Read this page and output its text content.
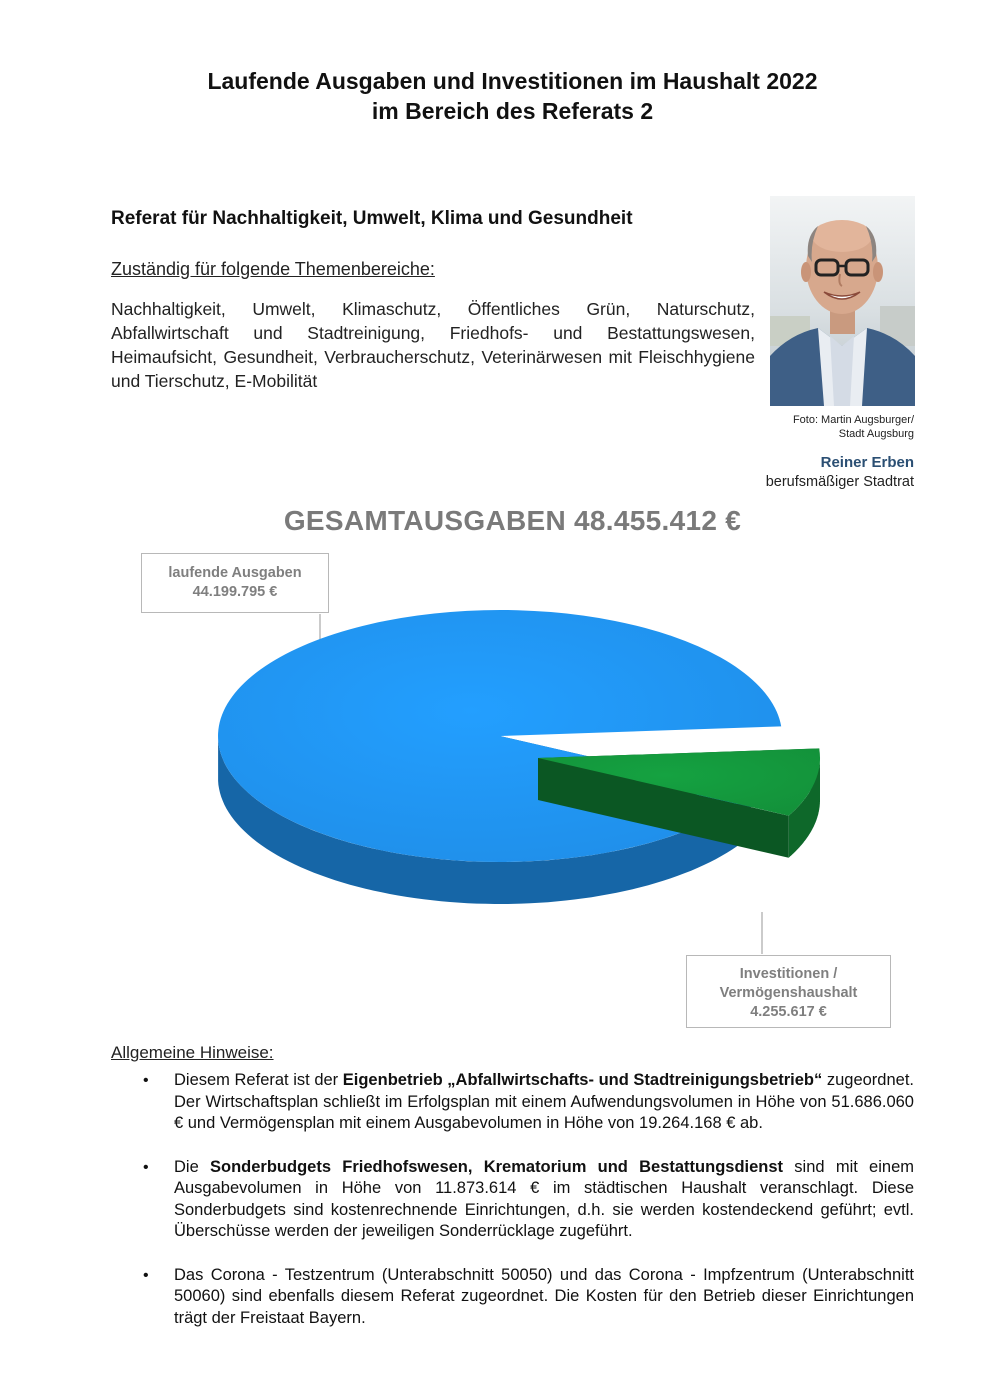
Laufende Ausgaben und Investitionen im Haushalt 2022
im Bereich des Referats 2
Referat für Nachhaltigkeit, Umwelt, Klima und Gesundheit
Zuständig für folgende Themenbereiche:
Nachhaltigkeit, Umwelt, Klimaschutz, Öffentliches Grün, Naturschutz, Abfallwirtschaft und Stadtreinigung, Friedhofs- und Bestattungswesen, Heimaufsicht, Gesundheit, Verbraucherschutz, Veterinärwesen mit Fleischhygiene und Tierschutz, E-Mobilität
Foto: Martin Augsburger/
Stadt Augsburg
Reiner Erben
berufsmäßiger Stadtrat
GESAMTAUSGABEN 48.455.412 €
laufende Ausgaben
44.199.795 €
Investitionen /
Vermögenshaushalt
4.255.617 €
Allgemeine Hinweise:
• Diesem Referat ist der Eigenbetrieb „Abfallwirtschafts- und Stadtreinigungsbetrieb“ zugeordnet. Der Wirtschaftsplan schließt im Erfolgsplan mit einem Aufwendungsvolumen in Höhe von 51.686.060 € und Vermögensplan mit einem Ausgabevolumen in Höhe von 19.264.168 € ab.
• Die Sonderbudgets Friedhofswesen, Krematorium und Bestattungsdienst sind mit einem Ausgabevolumen in Höhe von 11.873.614 € im städtischen Haushalt veranschlagt. Diese Sonderbudgets sind kostenrechnende Einrichtungen, d.h. sie werden kostendeckend geführt; evtl. Überschüsse werden der jeweiligen Sonderrücklage zugeführt.
• Das Corona - Testzentrum (Unterabschnitt 50050) und das Corona - Impfzentrum (Unterabschnitt 50060) sind ebenfalls diesem Referat zugeordnet. Die Kosten für den Betrieb dieser Einrichtungen trägt der Freistaat Bayern.
